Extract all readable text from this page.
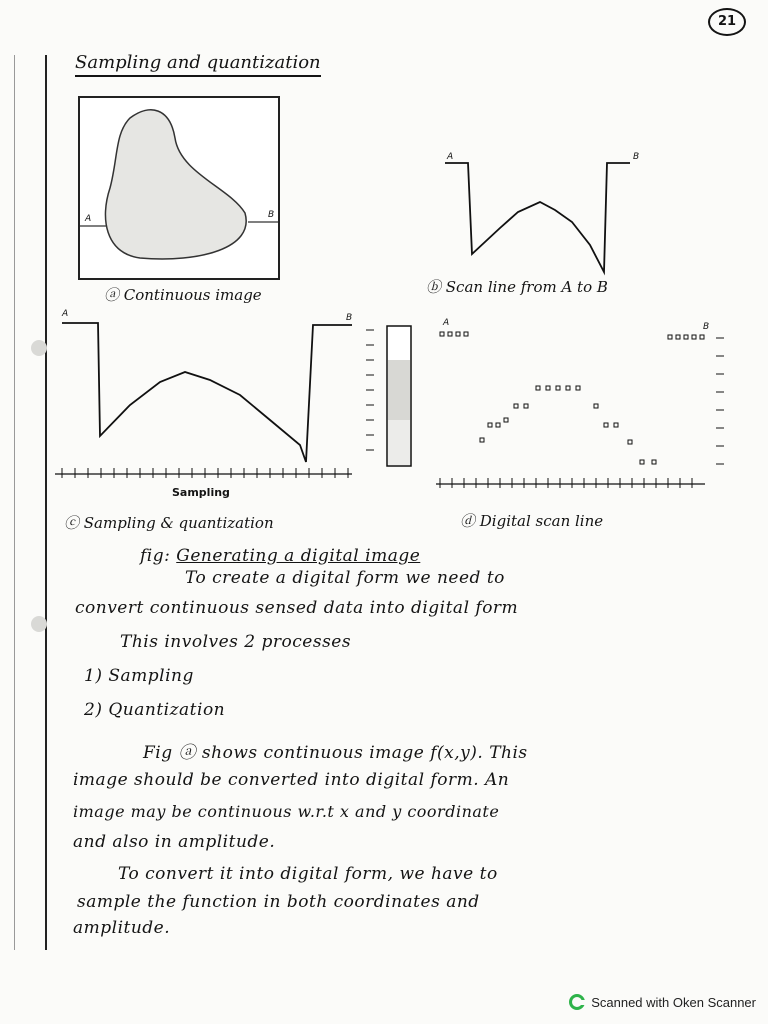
21
Sampling and quantization
A	B
ⓐ Continuous image
A	B
ⓑ Scan line from A to B
A	B
Sampling
ⓒ Sampling & quantization
A	B
ⓓ Digital scan line
fig: Generating a digital image
To create a digital form we need to
convert continuous sensed data into digital form
This involves 2 processes
1) Sampling
2) Quantization
Fig ⓐ shows continuous image f(x,y). This
image should be converted into digital form. An
image may be continuous w.r.t x and y coordinate
and also in amplitude.
To convert it into digital form, we have to
sample the function in both coordinates and
amplitude.
Scanned with Oken Scanner
